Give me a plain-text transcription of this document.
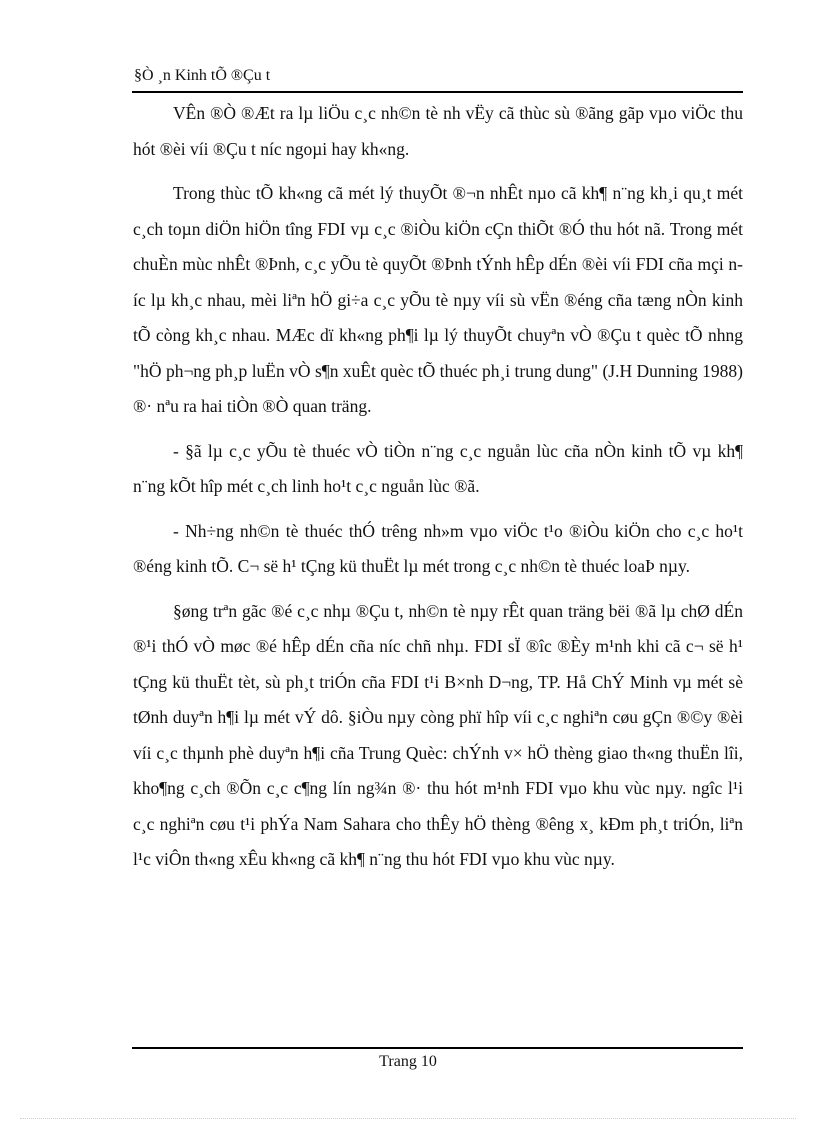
§Ò ¸n Kinh tÕ ®Çu t

VÊn ®Ò ®Æt ra lµ liÖu c¸c nh©n tè nh vËy cã thùc sù ®ãng gãp vµo viÖc thu hót ®èi víi ®Çu t níc ngoµi hay kh«ng.

Trong thùc tÕ kh«ng cã mét lý thuyÕt ®¬n nhÊt nµo cã kh¶ n¨ng kh¸i qu¸t mét c¸ch toµn diÖn hiÖn tîng FDI vµ c¸c ®iÒu kiÖn cÇn thiÕt ®Ó thu hót nã. Trong mét chuÈn mùc nhÊt ®Þnh, c¸c yÕu tè quyÕt ®Þnh tÝnh hÊp dÉn ®èi víi FDI cña mçi níc lµ kh¸c nhau, mèi liªn hÖ gi÷a c¸c yÕu tè nµy víi sù vËn ®éng cña tæng nÒn kinh tÕ còng kh¸c nhau. MÆc dï kh«ng ph¶i lµ lý thuyÕt chuyªn vÒ ®Çu t quèc tÕ nhng "hÖ ph¬ng ph¸p luËn vÒ s¶n xuÊt quèc tÕ thuéc ph¸i trung dung" (J.H Dunning 1988) ®· nªu ra hai tiÒn ®Ò quan träng.

- §ã lµ c¸c yÕu tè thuéc vÒ tiÒn n¨ng c¸c nguån lùc cña nÒn kinh tÕ vµ kh¶ n¨ng kÕt hîp mét c¸ch linh ho¹t c¸c nguån lùc ®ã.

- Nh÷ng nh©n tè thuéc thÓ trêng nh»m vµo viÖc t¹o ®iÒu kiÖn cho c¸c ho¹t ®éng kinh tÕ. C¬ së h¹ tÇng kü thuËt lµ mét trong c¸c nh©n tè thuéc loaÞ nµy.

§øng trªn gãc ®é c¸c nhµ ®Çu t, nh©n tè nµy rÊt quan träng bëi ®ã lµ chØ dÉn ®¹i thÓ vÒ møc ®é hÊp dÉn cña níc chñ nhµ. FDI sÏ ®îc ®Èy m¹nh khi cã c¬ së h¹ tÇng kü thuËt tèt, sù ph¸t triÓn cña FDI t¹i B×nh D¬ng, TP. Hå ChÝ Minh vµ mét sè tØnh duyªn h¶i lµ mét vÝ dô. §iÒu nµy còng phï hîp víi c¸c nghiªn cøu gÇn ®©y ®èi víi c¸c thµnh phè duyªn h¶i cña Trung Quèc: chÝnh v× hÖ thèng giao th«ng thuËn lîi, kho¶ng c¸ch ®Õn c¸c c¶ng lín ng¾n ®· thu hót m¹nh FDI vµo khu vùc nµy. ngîc l¹i c¸c nghiªn cøu t¹i phÝa Nam Sahara cho thÊy hÖ thèng ®êng x¸ kÐm ph¸t triÓn, liªn l¹c viÔn th«ng xÊu kh«ng cã kh¶ n¨ng thu hót FDI vµo khu vùc nµy.

Trang 10
